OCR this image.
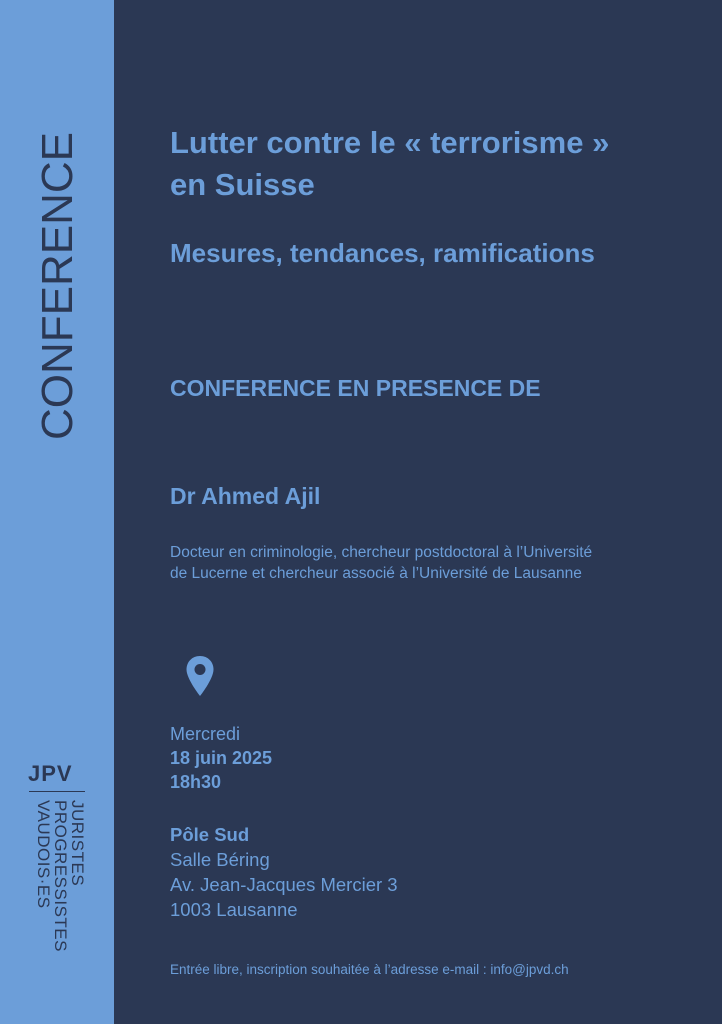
CONFERENCE
JPV
JURISTES
PROGRESSISTES
VAUDOIS·ES
Lutter contre le « terrorisme »
en Suisse
Mesures, tendances, ramifications
CONFERENCE EN PRESENCE DE
Dr Ahmed Ajil
Docteur en criminologie, chercheur postdoctoral à l’Université
de Lucerne et chercheur associé à l’Université de Lausanne
Mercredi
18 juin 2025
18h30
Pôle Sud
Salle Béring
Av. Jean-Jacques Mercier 3
1003 Lausanne
Entrée libre, inscription souhaitée à l’adresse e-mail : info@jpvd.ch
